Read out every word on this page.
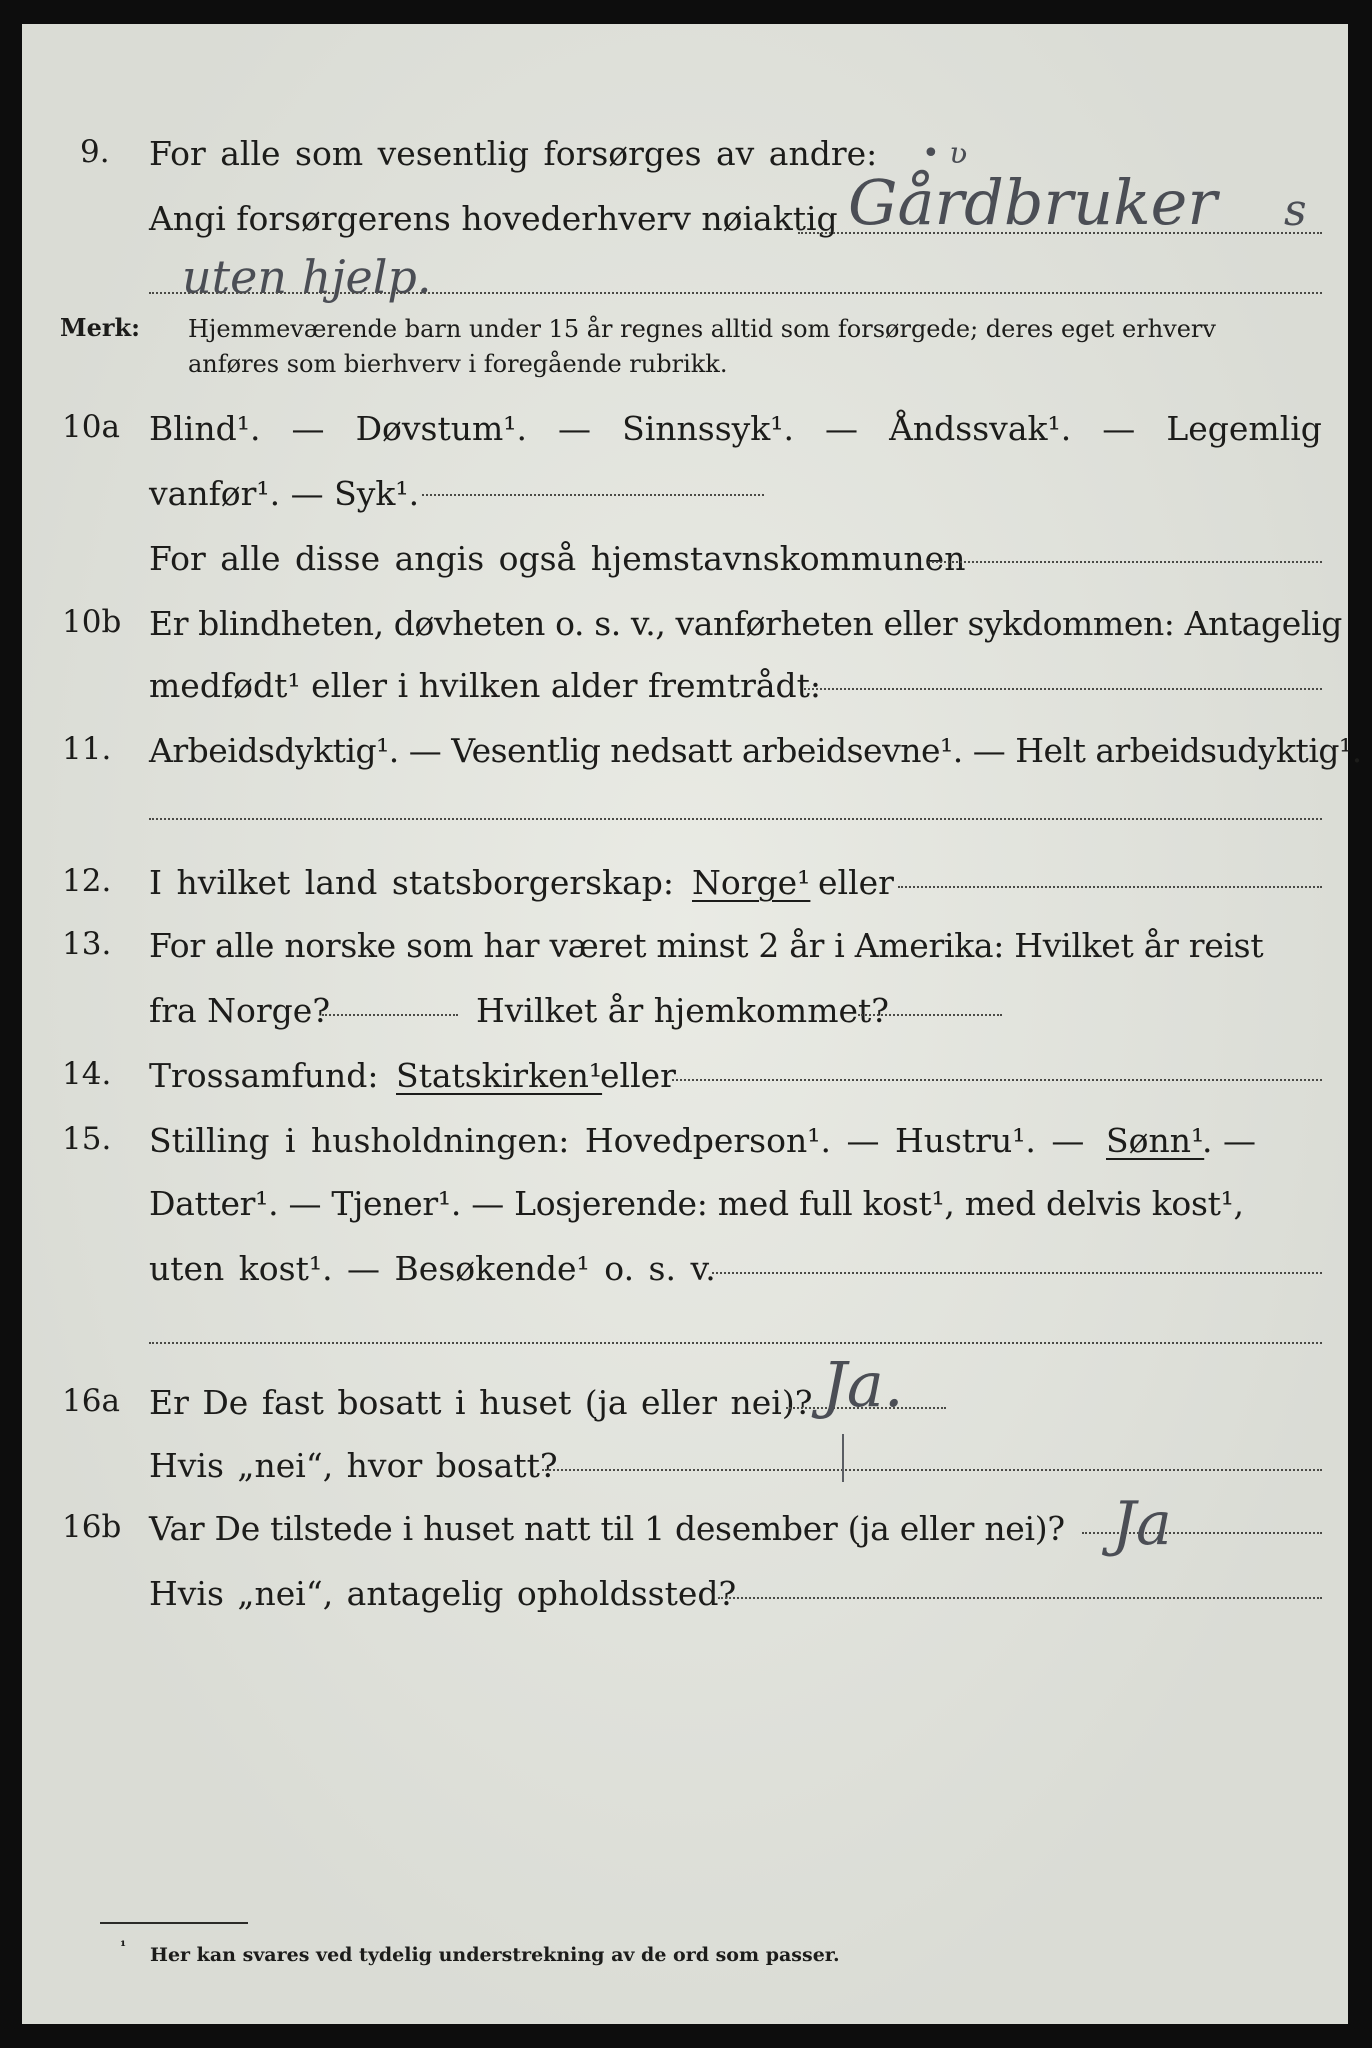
9. For alle som vesentlig forsørges av andre:
Angi forsørgerens hovederhverv nøiaktig Gårdbruker s
• ʋ
uten hjelp.
Merk: Hjemmeværende barn under 15 år regnes alltid som forsørgede; deres eget erhverv
anføres som bierhverv i foregående rubrikk.
10a Blind¹. — Døvstum¹. — Sinnssyk¹. — Åndssvak¹. — Legemlig
vanfør¹. — Syk¹.
For alle disse angis også hjemstavnskommunen
10b Er blindheten, døvheten o. s. v., vanførheten eller sykdommen: Antagelig
medfødt¹ eller i hvilken alder fremtrådt:
11. Arbeidsdyktig¹. — Vesentlig nedsatt arbeidsevne¹. — Helt arbeidsudyktig¹.
12. I hvilket land statsborgerskap: Norge¹ eller
13. For alle norske som har været minst 2 år i Amerika: Hvilket år reist
fra Norge?	Hvilket år hjemkommet?
14. Trossamfund: Statskirken¹
eller
15. Stilling i husholdningen: Hovedperson¹. — Hustru¹. — Sønn¹
. —
Datter¹. — Tjener¹. — Losjerende: med full kost¹, med delvis kost¹,
uten kost¹. — Besøkende¹ o. s. v.
16a Er De fast bosatt i huset (ja eller nei)? Ja.
Hvis „nei“, hvor bosatt?
16b Var De tilstede i huset natt til 1 desember (ja eller nei)? Ja
Hvis „nei“, antagelig opholdssted?
¹ Her kan svares ved tydelig understrekning av de ord som passer.
